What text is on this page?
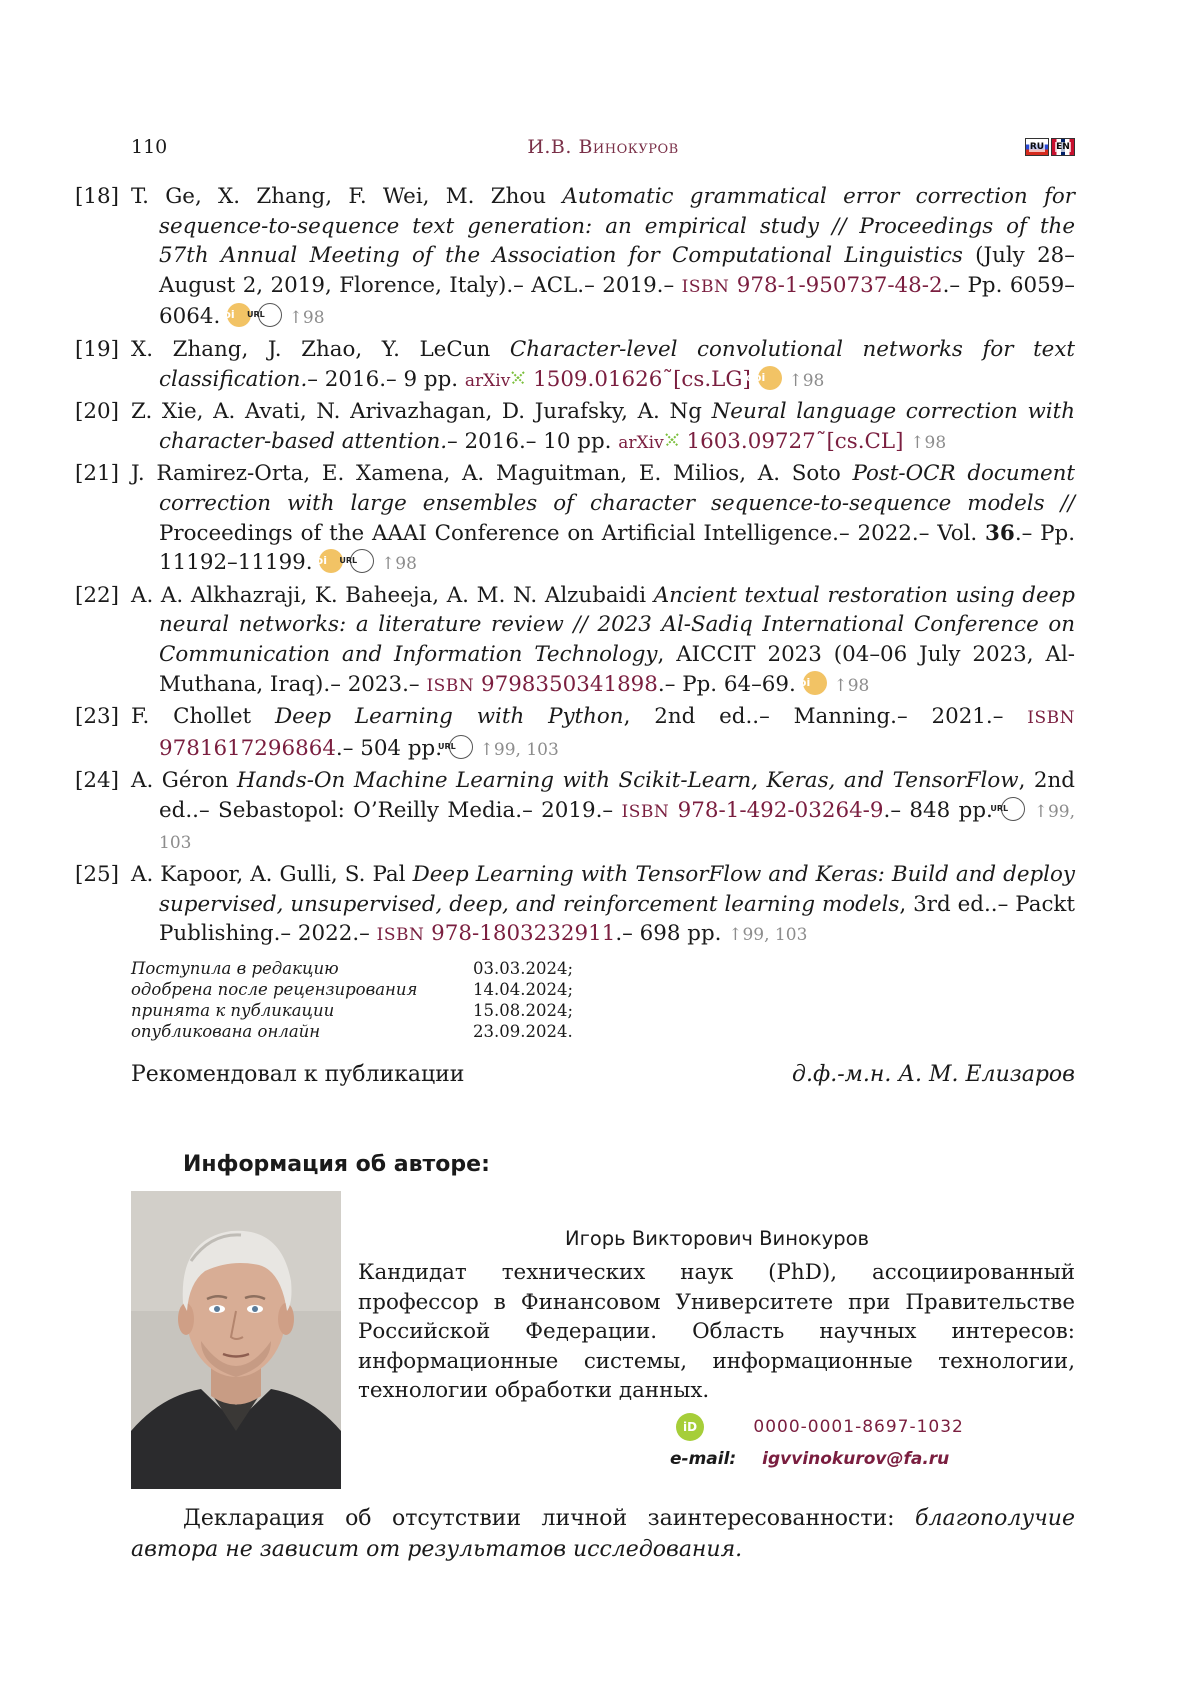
110	И.В. Винокуров	RU	EN
[18] T. Ge, X. Zhang, F. Wei, M. Zhou Automatic grammatical error correction for sequence-to-sequence text generation: an empirical study // Proceedings of the 57th Annual Meeting of the Association for Computational Linguistics (July 28–August 2, 2019, Florence, Italy).– ACL.– 2019.– ISBN 978-1-950737-48-2.– Pp. 6059–6064. doi URL ↑98
[19] X. Zhang, J. Zhao, Y. LeCun Character-level convolutional networks for text classification.– 2016.– 9 pp. arXiv 1509.01626˜[cs.LG] doi ↑98
[20] Z. Xie, A. Avati, N. Arivazhagan, D. Jurafsky, A. Ng Neural language correction with character-based attention.– 2016.– 10 pp. arXiv 1603.09727˜[cs.CL] ↑98
[21] J. Ramirez-Orta, E. Xamena, A. Maguitman, E. Milios, A. Soto Post-OCR document correction with large ensembles of character sequence-to-sequence models // Proceedings of the AAAI Conference on Artificial Intelligence.– 2022.– Vol. 36.– Pp. 11192–11199. doi URL ↑98
[22] A. A. Alkhazraji, K. Baheeja, A. M. N. Alzubaidi Ancient textual restoration using deep neural networks: a literature review // 2023 Al-Sadiq International Conference on Communication and Information Technology, AICCIT 2023 (04–06 July 2023, Al-Muthana, Iraq).– 2023.– ISBN 9798350341898.– Pp. 64–69. doi ↑98
[23] F. Chollet Deep Learning with Python, 2nd ed..– Manning.– 2021.– ISBN 9781617296864.– 504 pp. URL ↑99, 103
[24] A. Géron Hands-On Machine Learning with Scikit-Learn, Keras, and TensorFlow, 2nd ed..– Sebastopol: O’Reilly Media.– 2019.– ISBN 978-1-492-03264-9.– 848 pp. URL ↑99, 103
[25] A. Kapoor, A. Gulli, S. Pal Deep Learning with TensorFlow and Keras: Build and deploy supervised, unsupervised, deep, and reinforcement learning models, 3rd ed..– Packt Publishing.– 2022.– ISBN 978-1803232911.– 698 pp. ↑99, 103
Поступила в редакцию	03.03.2024;
одобрена после рецензирования	14.04.2024;
принята к публикации	15.08.2024;
опубликована онлайн	23.09.2024.
Рекомендовал к публикации	д.ф.-м.н. А. М. Елизаров
Информация об авторе:
Игорь Викторович Винокуров
Кандидат технических наук (PhD), ассоциированный профессор в Финансовом Университете при Правительстве Российской Федерации. Область научных интересов: информационные системы, информационные технологии, технологии обработки данных.
iD	0000-0001-8697-1032
e-mail: igvvinokurov@fa.ru
Декларация об отсутствии личной заинтересованности: благополучие автора не зависит от результатов исследования.
